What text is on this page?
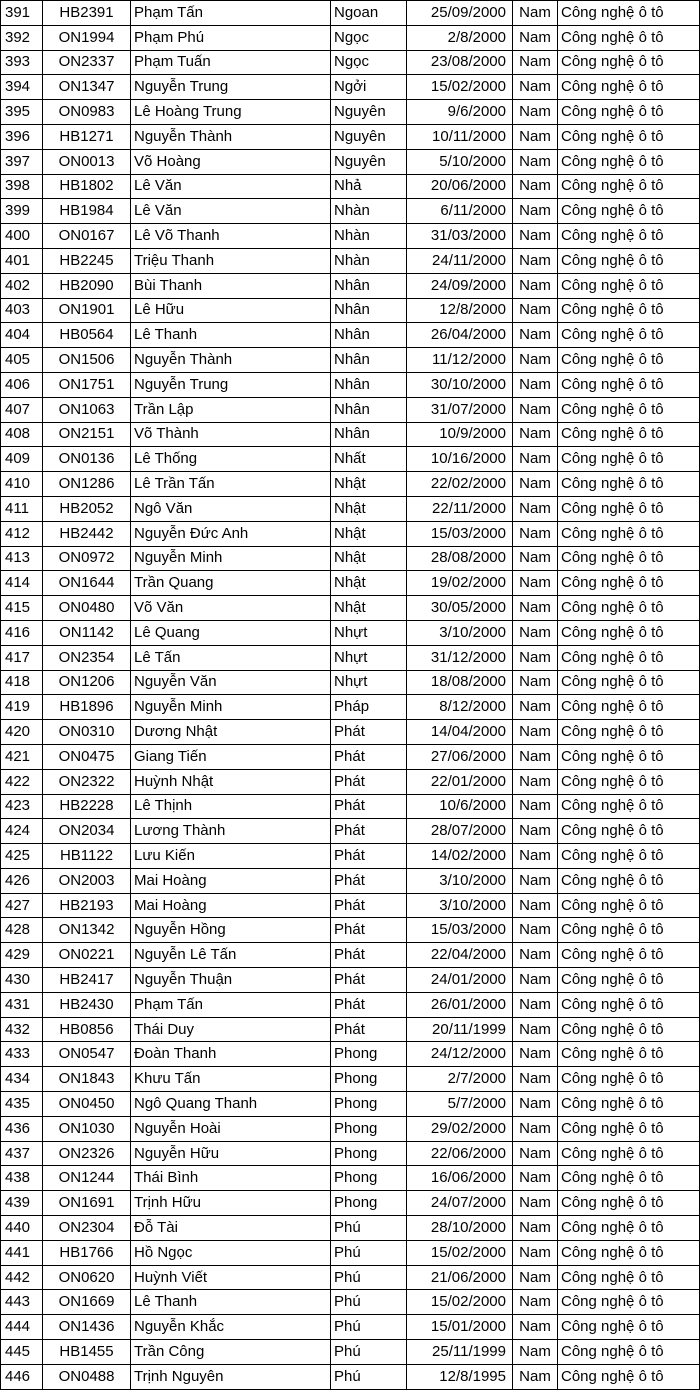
391	HB2391	Phạm Tấn	Ngoan	25/09/2000	Nam	Công nghệ ô tô
392	ON1994	Phạm Phú	Ngọc	2/8/2000	Nam	Công nghệ ô tô
393	ON2337	Phạm Tuấn	Ngọc	23/08/2000	Nam	Công nghệ ô tô
394	ON1347	Nguyễn Trung	Ngởi	15/02/2000	Nam	Công nghệ ô tô
395	ON0983	Lê Hoàng Trung	Nguyên	9/6/2000	Nam	Công nghệ ô tô
396	HB1271	Nguyễn Thành	Nguyên	10/11/2000	Nam	Công nghệ ô tô
397	ON0013	Võ Hoàng	Nguyên	5/10/2000	Nam	Công nghệ ô tô
398	HB1802	Lê Văn	Nhả	20/06/2000	Nam	Công nghệ ô tô
399	HB1984	Lê Văn	Nhàn	6/11/2000	Nam	Công nghệ ô tô
400	ON0167	Lê Võ Thanh	Nhàn	31/03/2000	Nam	Công nghệ ô tô
401	HB2245	Triệu Thanh	Nhàn	24/11/2000	Nam	Công nghệ ô tô
402	HB2090	Bùi Thanh	Nhân	24/09/2000	Nam	Công nghệ ô tô
403	ON1901	Lê Hữu	Nhân	12/8/2000	Nam	Công nghệ ô tô
404	HB0564	Lê Thanh	Nhân	26/04/2000	Nam	Công nghệ ô tô
405	ON1506	Nguyễn Thành	Nhân	11/12/2000	Nam	Công nghệ ô tô
406	ON1751	Nguyễn Trung	Nhân	30/10/2000	Nam	Công nghệ ô tô
407	ON1063	Trần Lập	Nhân	31/07/2000	Nam	Công nghệ ô tô
408	ON2151	Võ Thành	Nhân	10/9/2000	Nam	Công nghệ ô tô
409	ON0136	Lê Thống	Nhất	10/16/2000	Nam	Công nghệ ô tô
410	ON1286	Lê Trần Tấn	Nhật	22/02/2000	Nam	Công nghệ ô tô
411	HB2052	Ngô Văn	Nhật	22/11/2000	Nam	Công nghệ ô tô
412	HB2442	Nguyễn Đức Anh	Nhật	15/03/2000	Nam	Công nghệ ô tô
413	ON0972	Nguyễn Minh	Nhật	28/08/2000	Nam	Công nghệ ô tô
414	ON1644	Trần Quang	Nhật	19/02/2000	Nam	Công nghệ ô tô
415	ON0480	Võ Văn	Nhật	30/05/2000	Nam	Công nghệ ô tô
416	ON1142	Lê Quang	Nhựt	3/10/2000	Nam	Công nghệ ô tô
417	ON2354	Lê Tấn	Nhựt	31/12/2000	Nam	Công nghệ ô tô
418	ON1206	Nguyễn Văn	Nhựt	18/08/2000	Nam	Công nghệ ô tô
419	HB1896	Nguyễn Minh	Pháp	8/12/2000	Nam	Công nghệ ô tô
420	ON0310	Dương Nhật	Phát	14/04/2000	Nam	Công nghệ ô tô
421	ON0475	Giang Tiến	Phát	27/06/2000	Nam	Công nghệ ô tô
422	ON2322	Huỳnh Nhật	Phát	22/01/2000	Nam	Công nghệ ô tô
423	HB2228	Lê Thịnh	Phát	10/6/2000	Nam	Công nghệ ô tô
424	ON2034	Lương Thành	Phát	28/07/2000	Nam	Công nghệ ô tô
425	HB1122	Lưu Kiến	Phát	14/02/2000	Nam	Công nghệ ô tô
426	ON2003	Mai Hoàng	Phát	3/10/2000	Nam	Công nghệ ô tô
427	HB2193	Mai Hoàng	Phát	3/10/2000	Nam	Công nghệ ô tô
428	ON1342	Nguyễn Hồng	Phát	15/03/2000	Nam	Công nghệ ô tô
429	ON0221	Nguyễn Lê Tấn	Phát	22/04/2000	Nam	Công nghệ ô tô
430	HB2417	Nguyễn Thuận	Phát	24/01/2000	Nam	Công nghệ ô tô
431	HB2430	Phạm Tấn	Phát	26/01/2000	Nam	Công nghệ ô tô
432	HB0856	Thái Duy	Phát	20/11/1999	Nam	Công nghệ ô tô
433	ON0547	Đoàn Thanh	Phong	24/12/2000	Nam	Công nghệ ô tô
434	ON1843	Khưu Tấn	Phong	2/7/2000	Nam	Công nghệ ô tô
435	ON0450	Ngô Quang Thanh	Phong	5/7/2000	Nam	Công nghệ ô tô
436	ON1030	Nguyễn Hoài	Phong	29/02/2000	Nam	Công nghệ ô tô
437	ON2326	Nguyễn Hữu	Phong	22/06/2000	Nam	Công nghệ ô tô
438	ON1244	Thái Bình	Phong	16/06/2000	Nam	Công nghệ ô tô
439	ON1691	Trịnh Hữu	Phong	24/07/2000	Nam	Công nghệ ô tô
440	ON2304	Đỗ Tài	Phú	28/10/2000	Nam	Công nghệ ô tô
441	HB1766	Hồ Ngọc	Phú	15/02/2000	Nam	Công nghệ ô tô
442	ON0620	Huỳnh Viết	Phú	21/06/2000	Nam	Công nghệ ô tô
443	ON1669	Lê Thanh	Phú	15/02/2000	Nam	Công nghệ ô tô
444	ON1436	Nguyễn Khắc	Phú	15/01/2000	Nam	Công nghệ ô tô
445	HB1455	Trần Công	Phú	25/11/1999	Nam	Công nghệ ô tô
446	ON0488	Trịnh Nguyên	Phú	12/8/1995	Nam	Công nghệ ô tô
